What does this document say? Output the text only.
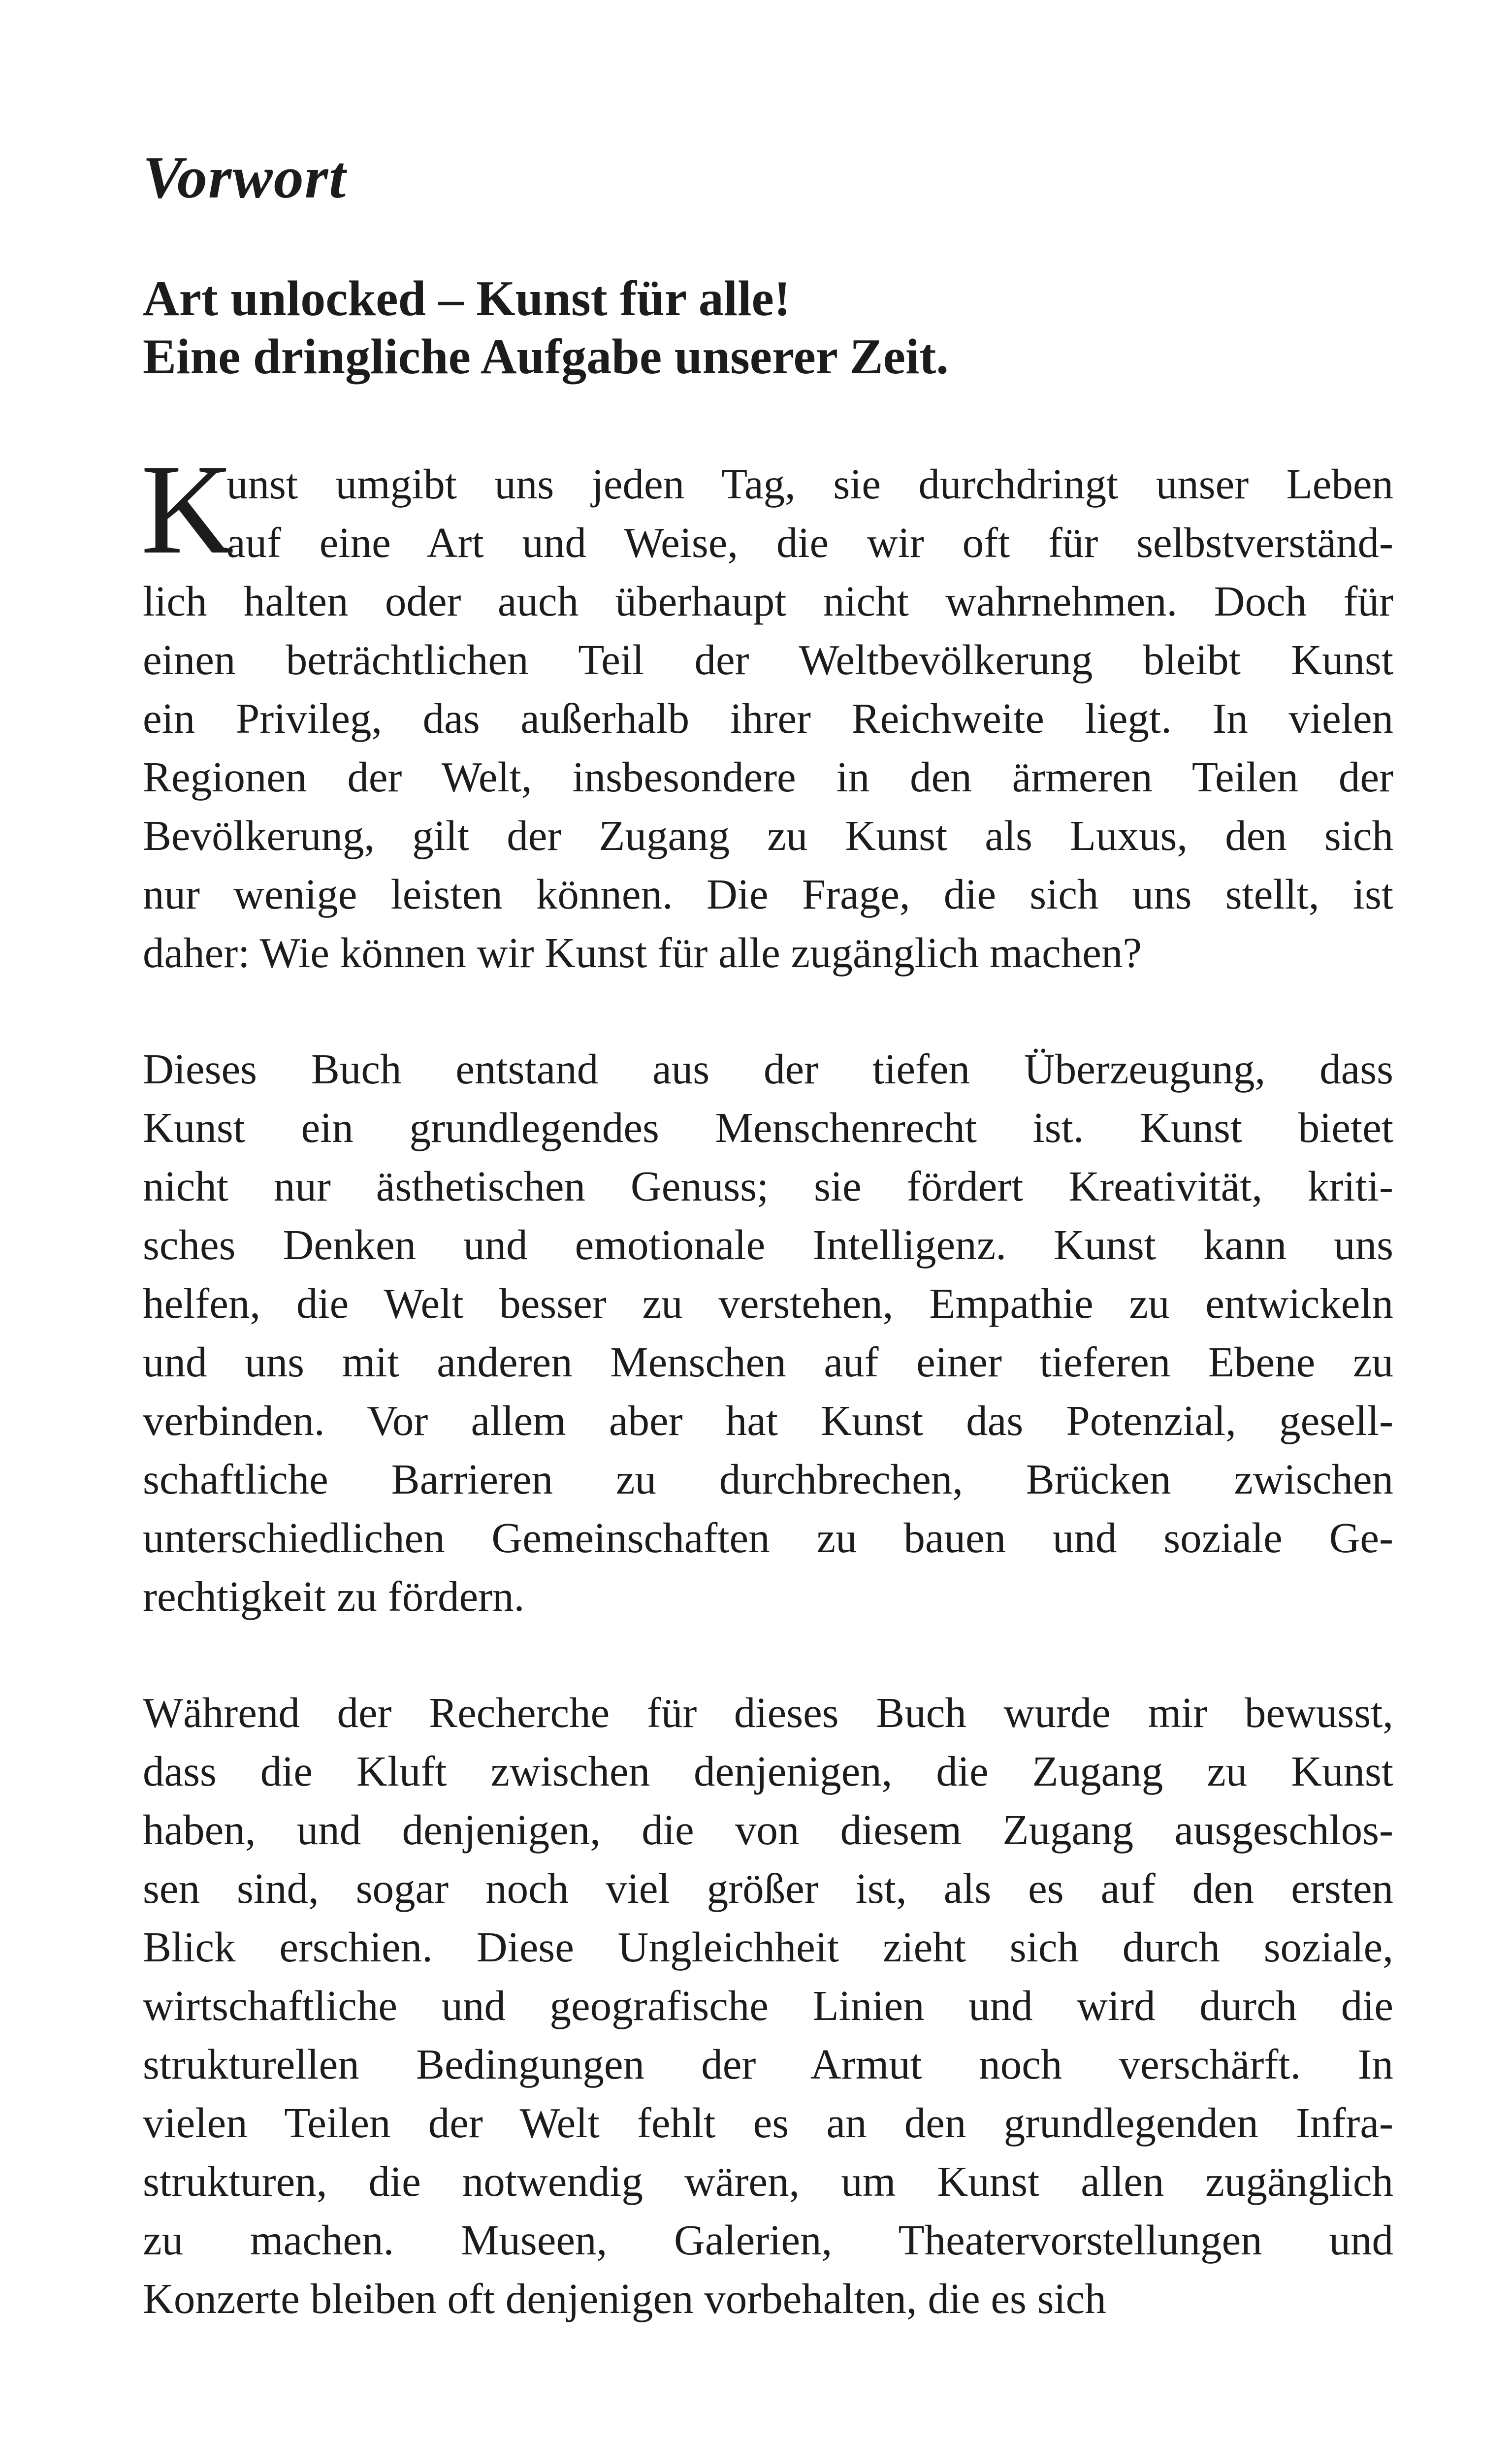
Vorwort
Art unlocked – Kunst für alle!
Eine dringliche Aufgabe unserer Zeit.
K
unst umgibt uns jeden Tag, sie durchdringt unser Leben
auf eine Art und Weise, die wir oft für selbstverständ-
lich halten oder auch überhaupt nicht wahrnehmen. Doch für
einen beträchtlichen Teil der Weltbevölkerung bleibt Kunst
ein Privileg, das außerhalb ihrer Reichweite liegt. In vielen
Regionen der Welt, insbesondere in den ärmeren Teilen der
Bevölkerung, gilt der Zugang zu Kunst als Luxus, den sich
nur wenige leisten können. Die Frage, die sich uns stellt, ist
daher: Wie können wir Kunst für alle zugänglich machen?
Dieses Buch entstand aus der tiefen Überzeugung, dass
Kunst ein grundlegendes Menschenrecht ist. Kunst bietet
nicht nur ästhetischen Genuss; sie fördert Kreativität, kriti-
sches Denken und emotionale Intelligenz. Kunst kann uns
helfen, die Welt besser zu verstehen, Empathie zu entwickeln
und uns mit anderen Menschen auf einer tieferen Ebene zu
verbinden. Vor allem aber hat Kunst das Potenzial, gesell-
schaftliche Barrieren zu durchbrechen, Brücken zwischen
unterschiedlichen Gemeinschaften zu bauen und soziale Ge-
rechtigkeit zu fördern.
Während der Recherche für dieses Buch wurde mir bewusst,
dass die Kluft zwischen denjenigen, die Zugang zu Kunst
haben, und denjenigen, die von diesem Zugang ausgeschlos-
sen sind, sogar noch viel größer ist, als es auf den ersten
Blick erschien. Diese Ungleichheit zieht sich durch soziale,
wirtschaftliche und geografische Linien und wird durch die
strukturellen Bedingungen der Armut noch verschärft. In
vielen Teilen der Welt fehlt es an den grundlegenden Infra-
strukturen, die notwendig wären, um Kunst allen zugänglich
zu machen. Museen, Galerien, Theatervorstellungen und
Konzerte bleiben oft denjenigen vorbehalten, die es sich
